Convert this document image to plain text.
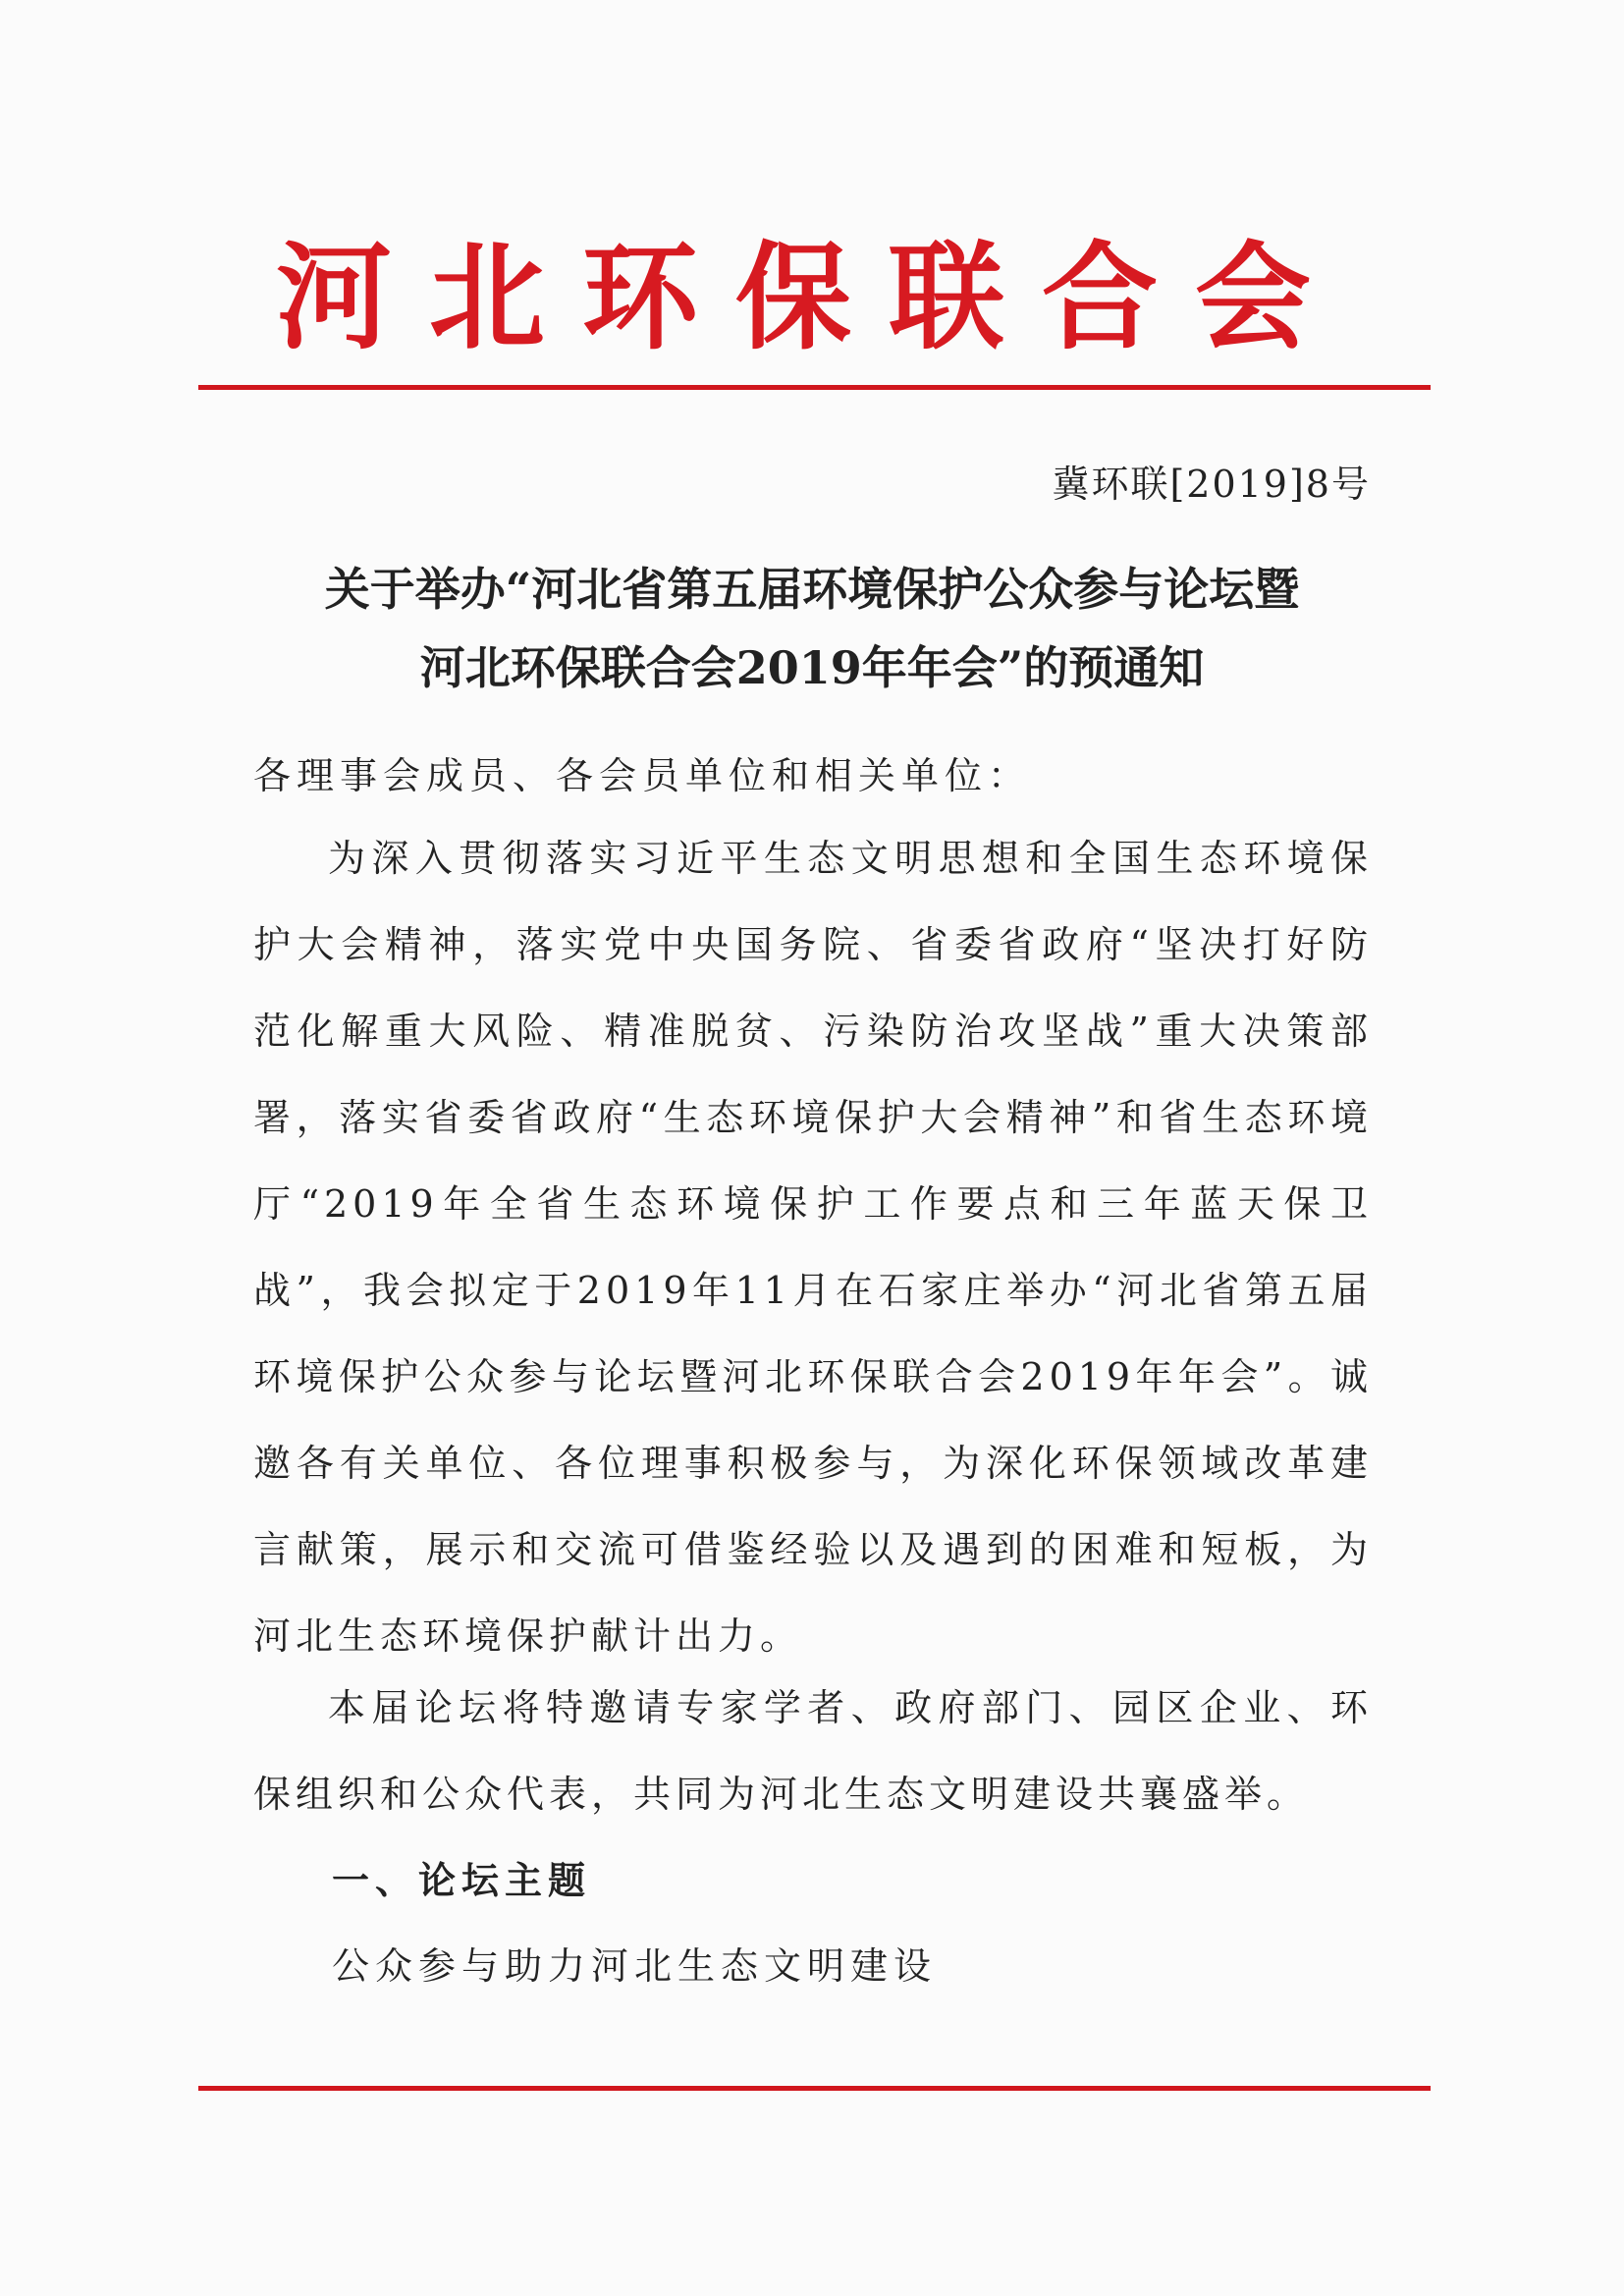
河北环保联合会
冀环联[2019]8号
关于举办“河北省第五届环境保护公众参与论坛暨
河北环保联合会2019年年会”的预通知
各理事会成员、各会员单位和相关单位：

为深入贯彻落实习近平生态文明思想和全国生态环境保护大会精神，落实党中央国务院、省委省政府“坚决打好防范化解重大风险、精准脱贫、污染防治攻坚战”重大决策部署，落实省委省政府“生态环境保护大会精神”和省生态环境厅“2019年全省生态环境保护工作要点和三年蓝天保卫战”，我会拟定于2019年11月在石家庄举办“河北省第五届环境保护公众参与论坛暨河北环保联合会2019年年会”。诚邀各有关单位、各位理事积极参与，为深化环保领域改革建言献策，展示和交流可借鉴经验以及遇到的困难和短板，为河北生态环境保护献计出力。

本届论坛将特邀请专家学者、政府部门、园区企业、环保组织和公众代表，共同为河北生态文明建设共襄盛举。

一、论坛主题
公众参与助力河北生态文明建设
